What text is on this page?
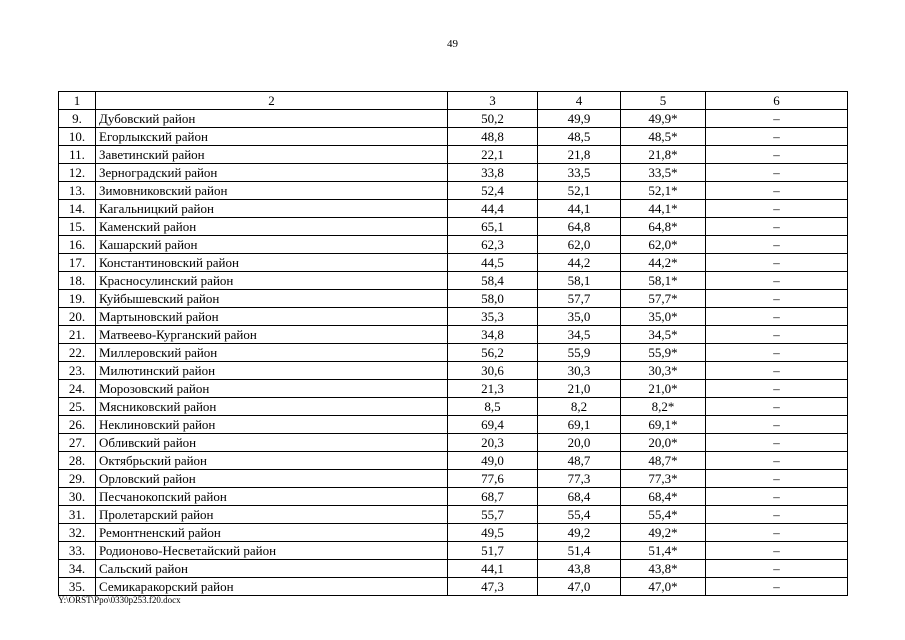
49
1	2	3	4	5	6
9.	Дубовский район	50,2	49,9	49,9*	–
10.	Егорлыкский район	48,8	48,5	48,5*	–
11.	Заветинский район	22,1	21,8	21,8*	–
12.	Зерноградский район	33,8	33,5	33,5*	–
13.	Зимовниковский район	52,4	52,1	52,1*	–
14.	Кагальницкий район	44,4	44,1	44,1*	–
15.	Каменский район	65,1	64,8	64,8*	–
16.	Кашарский район	62,3	62,0	62,0*	–
17.	Константиновский район	44,5	44,2	44,2*	–
18.	Красносулинский район	58,4	58,1	58,1*	–
19.	Куйбышевский район	58,0	57,7	57,7*	–
20.	Мартыновский район	35,3	35,0	35,0*	–
21.	Матвеево-Курганский район	34,8	34,5	34,5*	–
22.	Миллеровский район	56,2	55,9	55,9*	–
23.	Милютинский район	30,6	30,3	30,3*	–
24.	Морозовский район	21,3	21,0	21,0*	–
25.	Мясниковский район	8,5	8,2	8,2*	–
26.	Неклиновский район	69,4	69,1	69,1*	–
27.	Обливский район	20,3	20,0	20,0*	–
28.	Октябрьский район	49,0	48,7	48,7*	–
29.	Орловский район	77,6	77,3	77,3*	–
30.	Песчанокопский район	68,7	68,4	68,4*	–
31.	Пролетарский район	55,7	55,4	55,4*	–
32.	Ремонтненский район	49,5	49,2	49,2*	–
33.	Родионово-Несветайский район	51,7	51,4	51,4*	–
34.	Сальский район	44,1	43,8	43,8*	–
35.	Семикаракорский район	47,3	47,0	47,0*	–
Y:\ORST\Ppo\0330p253.f20.docx
